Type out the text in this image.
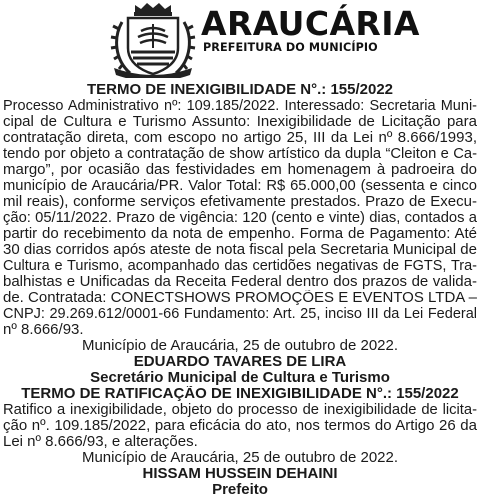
ARAUCÁRIA
PREFEITURA DO MUNICÍPIO
TERMO DE INEXIGIBILIDADE N°.: 155/2022
Processo Administrativo nº: 109.185/2022. Interessado: Secretaria Muni-
cipal de Cultura e Turismo Assunto: Inexigibilidade de Licitação para
contratação direta, com escopo no artigo 25, III da Lei nº 8.666/1993,
tendo por objeto a contratação de show artístico da dupla “Cleiton e Ca-
margo”, por ocasião das festividades em homenagem à padroeira do
município de Araucária/PR. Valor Total: R$ 65.000,00 (sessenta e cinco
mil reais), conforme serviços efetivamente prestados. Prazo de Execu-
ção: 05/11/2022. Prazo de vigência: 120 (cento e vinte) dias, contados a
partir do recebimento da nota de empenho. Forma de Pagamento: Até
30 dias corridos após ateste de nota fiscal pela Secretaria Municipal de
Cultura e Turismo, acompanhado das certidões negativas de FGTS, Tra-
balhistas e Unificadas da Receita Federal dentro dos prazos de valida-
de. Contratada: CONECTSHOWS PROMOÇÕES E EVENTOS LTDA –
CNPJ: 29.269.612/0001-66 Fundamento: Art. 25, inciso III da Lei Federal
nº 8.666/93.
Município de Araucária, 25 de outubro de 2022.
EDUARDO TAVARES DE LIRA
Secretário Municipal de Cultura e Turismo
TERMO DE RATIFICAÇÃO DE INEXIGIBILIDADE N°.: 155/2022
Ratifico a inexigibilidade, objeto do processo de inexigibilidade de licita-
ção nº. 109.185/2022, para eficácia do ato, nos termos do Artigo 26 da
Lei nº 8.666/93, e alterações.
Município de Araucária, 25 de outubro de 2022.
HISSAM HUSSEIN DEHAINI
Prefeito
